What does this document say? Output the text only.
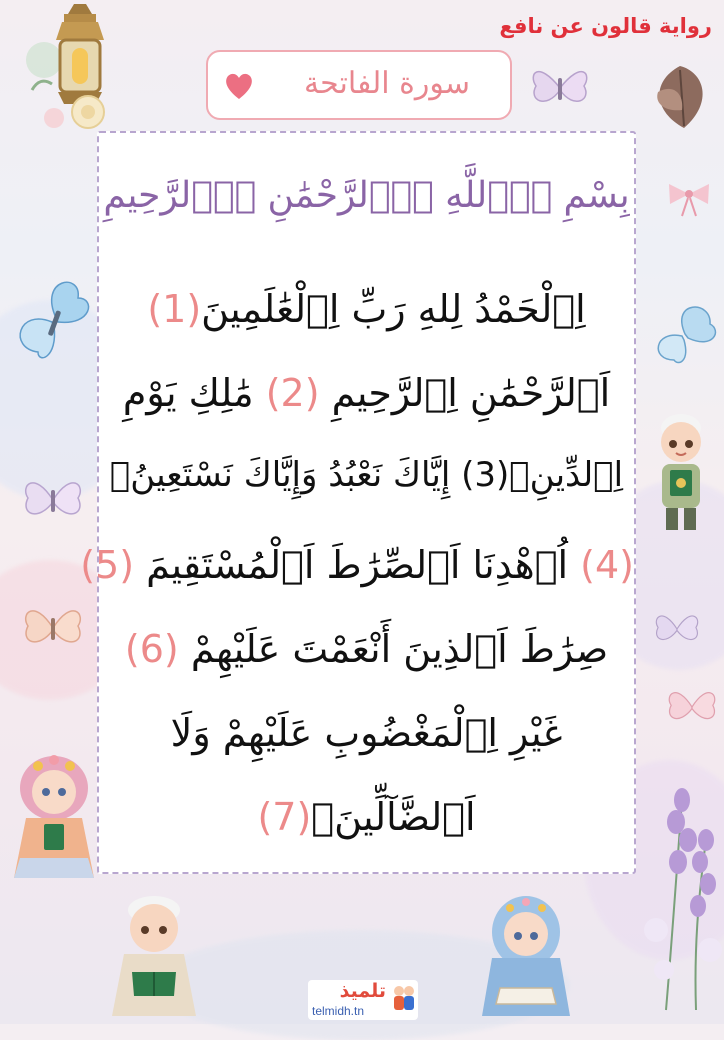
رواية قالون عن نافع
سورة الفاتحة
بِسْمِ اِ۬للَّهِ اِ۬لرَّحْمَٰنِ اِ۬لرَّحِيمِ
اِ۬لْحَمْدُ لِلهِ رَبِّ اِ۬لْعَٰلَمِينَ(1)
اَ۬لرَّحْمَٰنِ اِ۬لرَّحِيمِ (2) مَٰلِكِ يَوْمِ
اِ۬لدِّينِۖ(3) إِيَّاكَ نَعْبُدُ وَإِيَّاكَ نَسْتَعِينُۖ
(4) اُ۪هْدِنَا اَ۬لصِّرَٰطَ اَ۬لْمُسْتَقِيمَ (5)
صِرَٰطَ اَ۬لذِينَ أَنْعَمْتَ عَلَيْهِمْ (6)
غَيْرِ اِ۬لْمَغْضُوبِ عَلَيْهِمْ وَلَا
اَ۬لضَّآلِّينَۖ(7)
تلميذ
telmidh.tn
